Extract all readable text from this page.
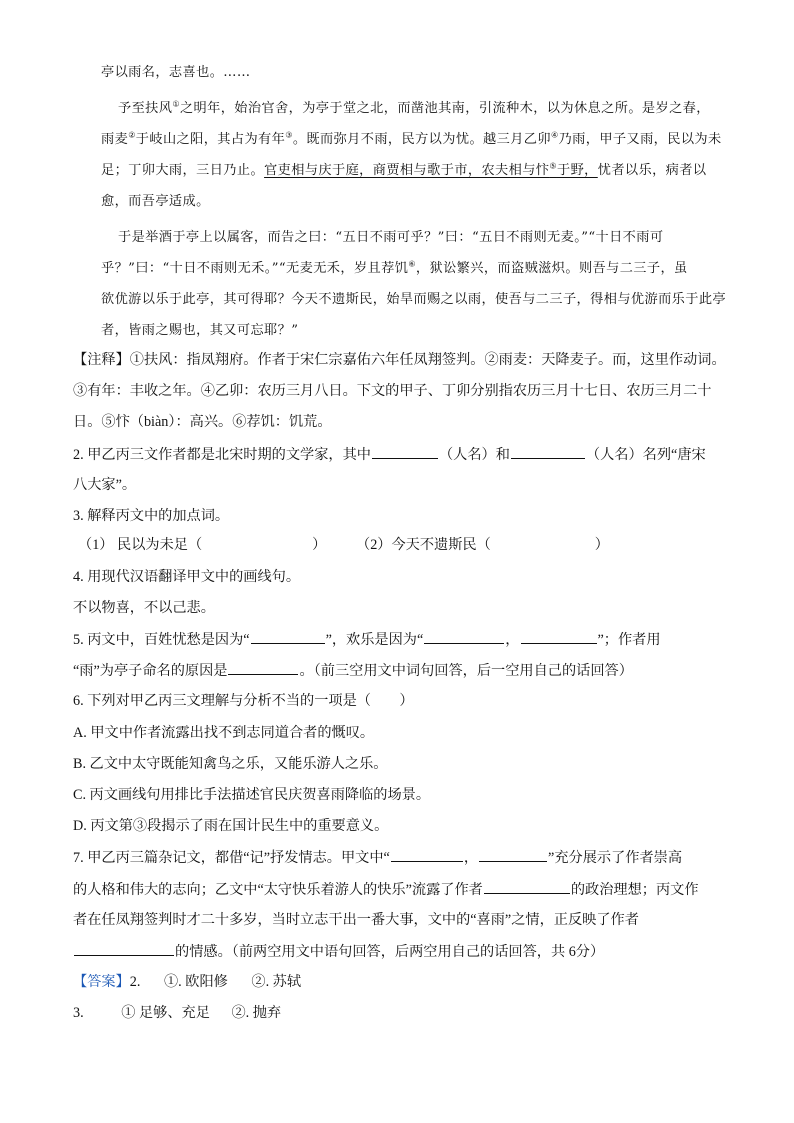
亭以雨名，志喜也。……
予至扶风①之明年，始治官舍，为亭于堂之北，而凿池其南，引流种木，以为休息之所。是岁之春，
雨麦②于岐山之阳，其占为有年③。既而弥月不雨，民方以为忧。越三月乙卯④乃雨，甲子又雨，民以为未
足；丁卯大雨，三日乃止。官吏相与庆于庭，商贾相与歌于市，农夫相与忭⑤于野，忧者以乐，病者以
愈，而吾亭适成。
于是举酒于亭上以属客，而告之曰：“五日不雨可乎？”曰：“五日不雨则无麦。”“十日不雨可
乎？”曰：“十日不雨则无禾。”“无麦无禾，岁且荐饥⑥，狱讼繁兴，而盗贼滋炽。则吾与二三子，虽
欲优游以乐于此亭，其可得耶？今天不遗斯民，始旱而赐之以雨，使吾与二三子，得相与优游而乐于此亭
者，皆雨之赐也，其又可忘耶？”
【注释】①扶风：指凤翔府。作者于宋仁宗嘉佑六年任凤翔签判。②雨麦：天降麦子。而，这里作动词。
③有年：丰收之年。④乙卯：农历三月八日。下文的甲子、丁卯分别指农历三月十七日、农历三月二十
日。⑤忭（biàn）：高兴。⑥荐饥：饥荒。
2. 甲乙丙三文作者都是北宋时期的文学家，其中	（人名）和	（人名）名列“唐宋
八大家”。
3. 解释丙文中的加点词。
（1） 民以为未足（	） （2）今天不遗斯民（	）
4. 用现代汉语翻译甲文中的画线句。
不以物喜，不以己悲。
5. 丙文中，百姓忧愁是因为“	”，欢乐是因为“	，	”；作者用
“雨”为亭子命名的原因是	。（前三空用文中词句回答，后一空用自己的话回答）
6. 下列对甲乙丙三文理解与分析不当的一项是（　　）
A. 甲文中作者流露出找不到志同道合者的慨叹。
B. 乙文中太守既能知禽鸟之乐，又能乐游人之乐。
C. 丙文画线句用排比手法描述官民庆贺喜雨降临的场景。
D. 丙文第③段揭示了雨在国计民生中的重要意义。
7. 甲乙丙三篇杂记文，都借“记”抒发情志。甲文中“	，	”充分展示了作者崇高
的人格和伟大的志向；乙文中“太守快乐着游人的快乐”流露了作者	的政治理想；丙文作
者在任凤翔签判时才二十多岁，当时立志干出一番大事，文中的“喜雨”之情，正反映了作者
的情感。（前两空用文中语句回答，后两空用自己的话回答，共 6分）
【答案】2. ①. 欧阳修 ②. 苏轼
3.	① 足够、充足 ②. 抛弃
